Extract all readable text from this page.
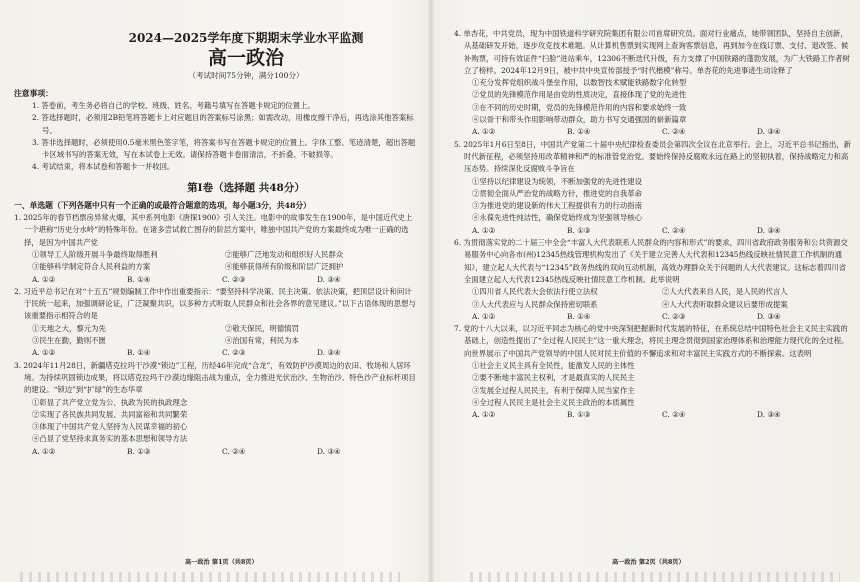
2024—2025学年度下期期末学业水平监测
高一政治
（考试时间75分钟，满分100分）
注意事项：
1. 答卷前，考生务必将自己的学校、班级、姓名、考籍号填写在答题卡规定的位置上。
2. 答选择题时，必须用2B铅笔将答题卡上对应题目的答案标号涂黑；如需改动，用橡皮擦干净后，再选涂其他答案标号。
3. 答非选择题时，必须使用0.5毫米黑色签字笔，将答案书写在答题卡规定的位置上。字体工整、笔迹清楚，超出答题卡区域书写的答案无效，写在本试卷上无效。请保持答题卡卷面清洁，不折叠、不破损等。
4. 考试结束，将本试卷和答题卡一并收回。
第Ⅰ卷（选择题 共48分）
一、单选题（下列各题中只有一个正确的或最符合题意的选项，每小题3分，共48分）
1. 2025年的春节档票房异常火爆，其中系列电影《唐探1900》引人关注。电影中的故事发生在1900年，是中国近代史上一个堪称“历史分水岭”的特殊年份。在诸多尝试救亡图存的阶层方案中，唯独中国共产党的方案最终成为唯一正确的选择，是因为中国共产党
①领导工人阶级开展斗争最终取得胜利	②能够广泛地发动和组织好人民群众
③能够科学制定符合人民利益的方案	④能够获得所有阶级和阶层广泛拥护
A. ①②	B. ①④	C. ②③	D. ③④
2. 习近平总书记在对“十五五”规划编制工作中作出重要指示：“要坚持科学决策、民主决策、依法决策，把顶层设计和问计于民统一起来，加强调研论证，广泛凝聚共识，以多种方式听取人民群众和社会各界的意见建议。”以下古语体现的思想与该重要指示相符合的是
①天地之大，黎元为先	②敬天保民，明德慎罚
③民生在勤，勤则不匮	④治国有常，利民为本
A. ①②	B. ①④	C. ②③	D. ③④
3. 2024年11月28日，新疆塔克拉玛干沙漠“锁边”工程，历经46年完成“合龙”，有效防护沙漠周边的农田、牧场和人居环境。为持续巩固锁边成果，将以塔克拉玛干沙漠边缘阻击战为重点，全力推进光伏治沙、生物治沙、特色沙产业标杆项目的建设。“锁边”到“扩绿”的生态华章
①彰显了共产党立党为公、执政为民的执政理念
②实现了各民族共同发展、共同富裕和共同繁荣
③体现了中国共产党人坚持为人民谋幸福的初心
④凸显了党坚持求真务实的基本思想和领导方法
A. ①②	B. ①③	C. ②④	D. ③④
4. 单杏花，中共党员，现为中国铁道科学研究院集团有限公司首席研究员。面对行业痛点，她带领团队，坚持自主创新，从基础研发开始，逐步攻克技术难题。从计算机售票到实现网上查询客票信息，再到加今在线订票、支付、退改签、候补购票，可持有效证件“扫脸”进站乘车，12306不断迭代升级，有力支撑了中国铁路的蓬勃发展，为广大铁路工作者树立了榜样。2024年12月9日，被中共中央宣传部授予“时代楷模”称号。单杏花的先进事迹生动诠释了
①充分发挥党组织战斗堡垒作用，以数智技术赋能铁路数字化转型
②党员的先锋模范作用是由党的性质决定，直接体现了党的先进性
③在不同的历史时期，党员的先锋模范作用的内容和要求始终一致
④以骨干和带头作用影响带动群众，助力书写交通强国的崭新篇章
A. ①②	B. ①④	C. ②④	D. ③④
5. 2025年1月6日至8日，中国共产党第二十届中央纪律检查委员会第四次全议在北京举行。会上，习近平总书记指出，新时代新征程，必须坚持用改革精神和严的标准管党治党。要始终保持反腐败永远在路上的坚韧执着，保持战略定力和高压态势。持续深化反腐败斗争旨在
①坚持以纪律建设为统领，不断加强党的先进性建设
②贯彻全面从严治党的战略方针，推进党的自我革命
③为推进党的建设新的伟大工程提供有力的行动指南
④永葆先进性纯洁性，确保党始终成为坚强领导核心
A. ①②	B. ①③	C. ②④	D. ③④
6. 为贯彻落实党的二十届三中全会“丰富人大代表联系人民群众的内容和形式”的要求，四川省政府政务服务和公共资源交易服务中心向各市(州)12345热线管理机构发出了《关于建立完善人大代表和12345热线反映社情民意工作机制的通知》，建立起人大代表与“12345”政务热线的双向互动机制，高效办理群众关于问题的人大代表建议。这标志着四川省全面建立起人大代表12345热线反映社情民意工作机制。此举说明
①四川省人民代表大会依法行使立法权	②人大代表来自人民，是人民的代言人
③人大代表应与人民群众保持密切联系	④人大代表听取群众建议后要形成提案
A. ①②	B. ①④	C. ②③	D. ③④
7. 党的十八大以来，以习近平同志为核心的党中央深刻把握新时代发展的特征，在系统总结中国特色社会主义民主实践的基础上，创造性提出了“全过程人民民主”这一重大理念，将民主理念贯彻到国家治理体系和治理能力现代化的全过程。向世界展示了中国共产党领导的中国人民对民主价值的不懈追求和对丰富民主实践方式的不断探索。这表明
①社会主义民主具有全民性，能激发人民的主体性
②要不断地丰富民主权利，才是最真实的人民民主
③发展全过程人民民主，有利于保障人民当家作主
④全过程人民民主是社会主义民主政治的本质属性
A. ①②	B. ①③	C. ②④	D. ③④
高一政治 第1页（共8页）	高一政治 第2页（共8页）
